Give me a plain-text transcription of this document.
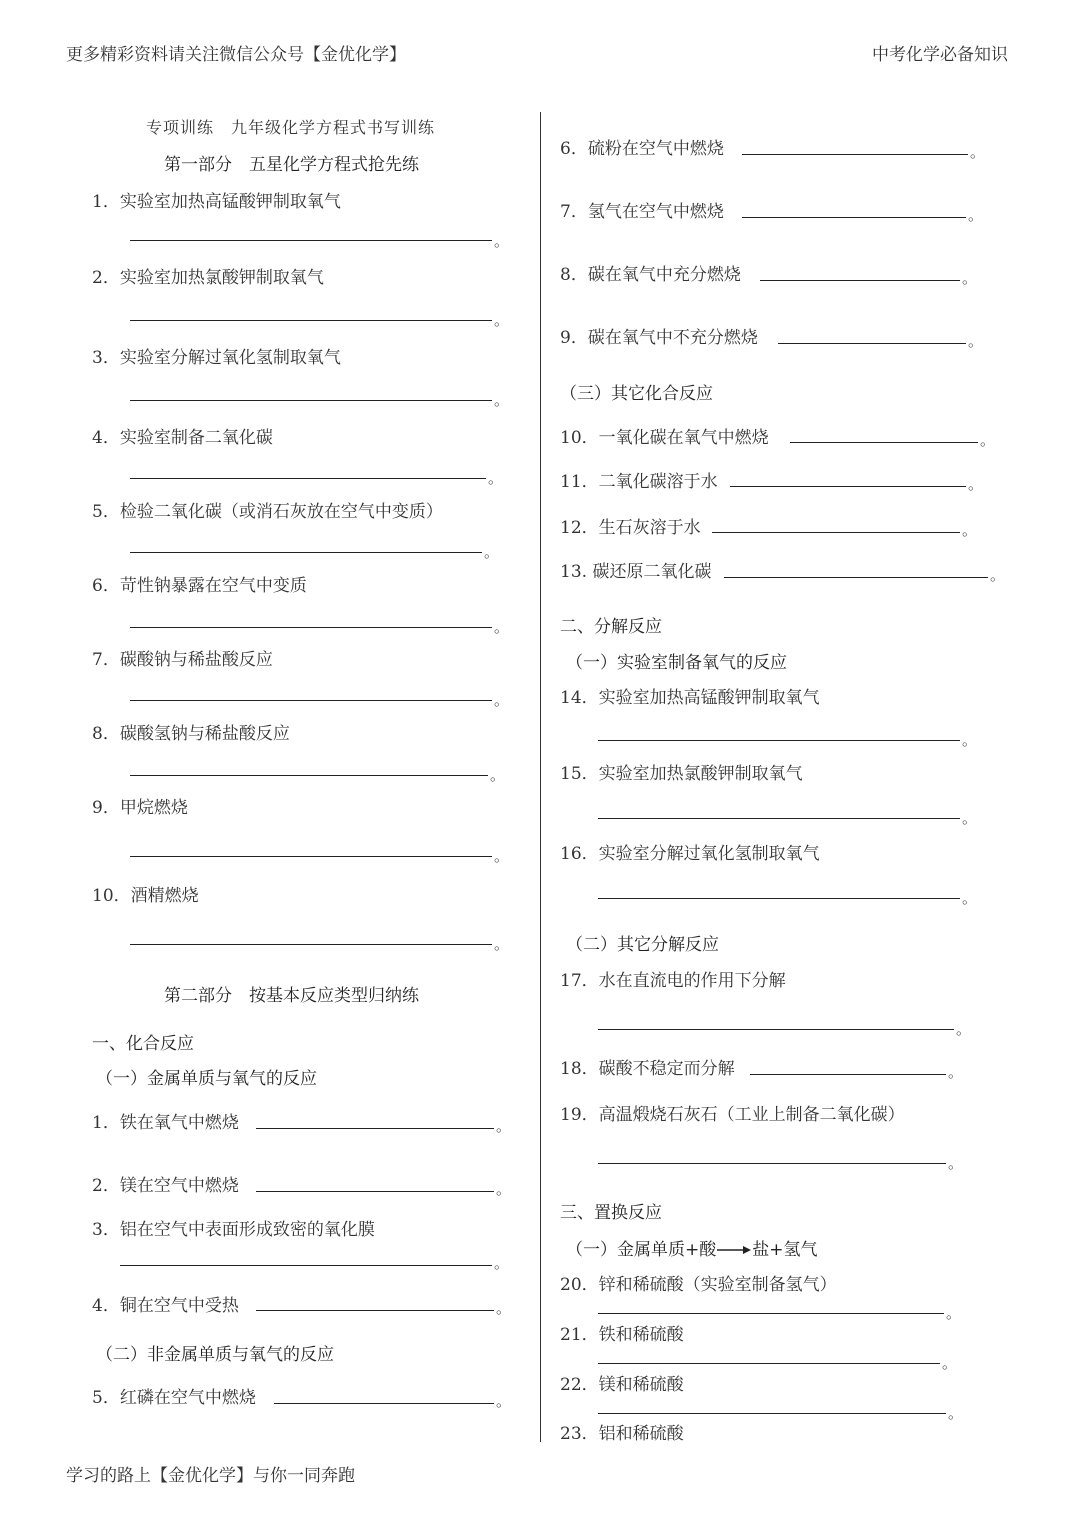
更多精彩资料请关注微信公众号【金优化学】	中考化学必备知识
专项训练　九年级化学方程式书写训练
第一部分　五星化学方程式抢先练
1．实验室加热高锰酸钾制取氧气
。
2．实验室加热氯酸钾制取氧气
。
3．实验室分解过氧化氢制取氧气
。
4．实验室制备二氧化碳
。
5．检验二氧化碳（或消石灰放在空气中变质）
。
6．苛性钠暴露在空气中变质
。
7．碳酸钠与稀盐酸反应
。
8．碳酸氢钠与稀盐酸反应
。
9．甲烷燃烧
。
10．酒精燃烧
。
第二部分　按基本反应类型归纳练
一、化合反应
（一）金属单质与氧气的反应
1．铁在氧气中燃烧	。
2．镁在空气中燃烧	。
3．铝在空气中表面形成致密的氧化膜
。
4．铜在空气中受热	。
（二）非金属单质与氧气的反应
5．红磷在空气中燃烧	。
6．硫粉在空气中燃烧	。
7．氢气在空气中燃烧	。
8．碳在氧气中充分燃烧	。
9．碳在氧气中不充分燃烧	。
（三）其它化合反应
10．一氧化碳在氧气中燃烧	。
11．二氧化碳溶于水	。
12．生石灰溶于水	。
13. 碳还原二氧化碳	。
二、分解反应
（一）实验室制备氧气的反应
14．实验室加热高锰酸钾制取氧气
。
15．实验室加热氯酸钾制取氧气
。
16．实验室分解过氧化氢制取氧气
。
（二）其它分解反应
17．水在直流电的作用下分解
。
18．碳酸不稳定而分解	。
19．高温煅烧石灰石（工业上制备二氧化碳）
。
三、置换反应
（一）金属单质+酸→盐+氢气
20．锌和稀硫酸（实验室制备氢气）
。
21．铁和稀硫酸
。
22．镁和稀硫酸
。
23．铝和稀硫酸
学习的路上【金优化学】与你一同奔跑
